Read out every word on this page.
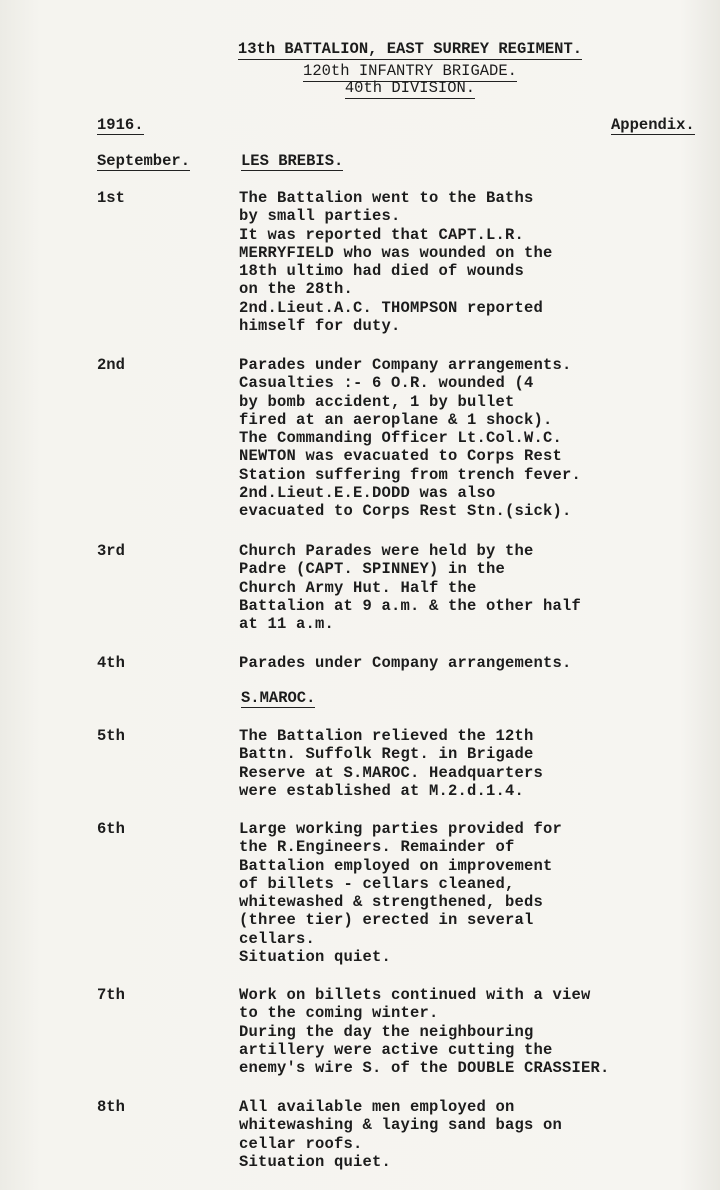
13th BATTALION, EAST SURREY REGIMENT.
120th INFANTRY BRIGADE.
40th DIVISION.
1916.	Appendix.
September.	LES BREBIS.
1st	The Battalion went to the Baths
by small parties.
It was reported that CAPT.L.R.
MERRYFIELD who was wounded on the
18th ultimo had died of wounds
on the 28th.
2nd.Lieut.A.C. THOMPSON reported
himself for duty.
2nd	Parades under Company arrangements.
Casualties :- 6 O.R. wounded (4
by bomb accident, 1 by bullet
fired at an aeroplane & 1 shock).
The Commanding Officer Lt.Col.W.C.
NEWTON was evacuated to Corps Rest
Station suffering from trench fever.
2nd.Lieut.E.E.DODD was also
evacuated to Corps Rest Stn.(sick).
3rd	Church Parades were held by the
Padre (CAPT. SPINNEY) in the
Church Army Hut. Half the
Battalion at 9 a.m. & the other half
at 11 a.m.
4th	Parades under Company arrangements.
S.MAROC.
5th	The Battalion relieved the 12th
Battn. Suffolk Regt. in Brigade
Reserve at S.MAROC. Headquarters
were established at M.2.d.1.4.
6th	Large working parties provided for
the R.Engineers. Remainder of
Battalion employed on improvement
of billets - cellars cleaned,
whitewashed & strengthened, beds
(three tier) erected in several
cellars.
Situation quiet.
7th	Work on billets continued with a view
to the coming winter.
During the day the neighbouring
artillery were active cutting the
enemy's wire S. of the DOUBLE CRASSIER.
8th	All available men employed on
whitewashing & laying sand bags on
cellar roofs.
Situation quiet.
